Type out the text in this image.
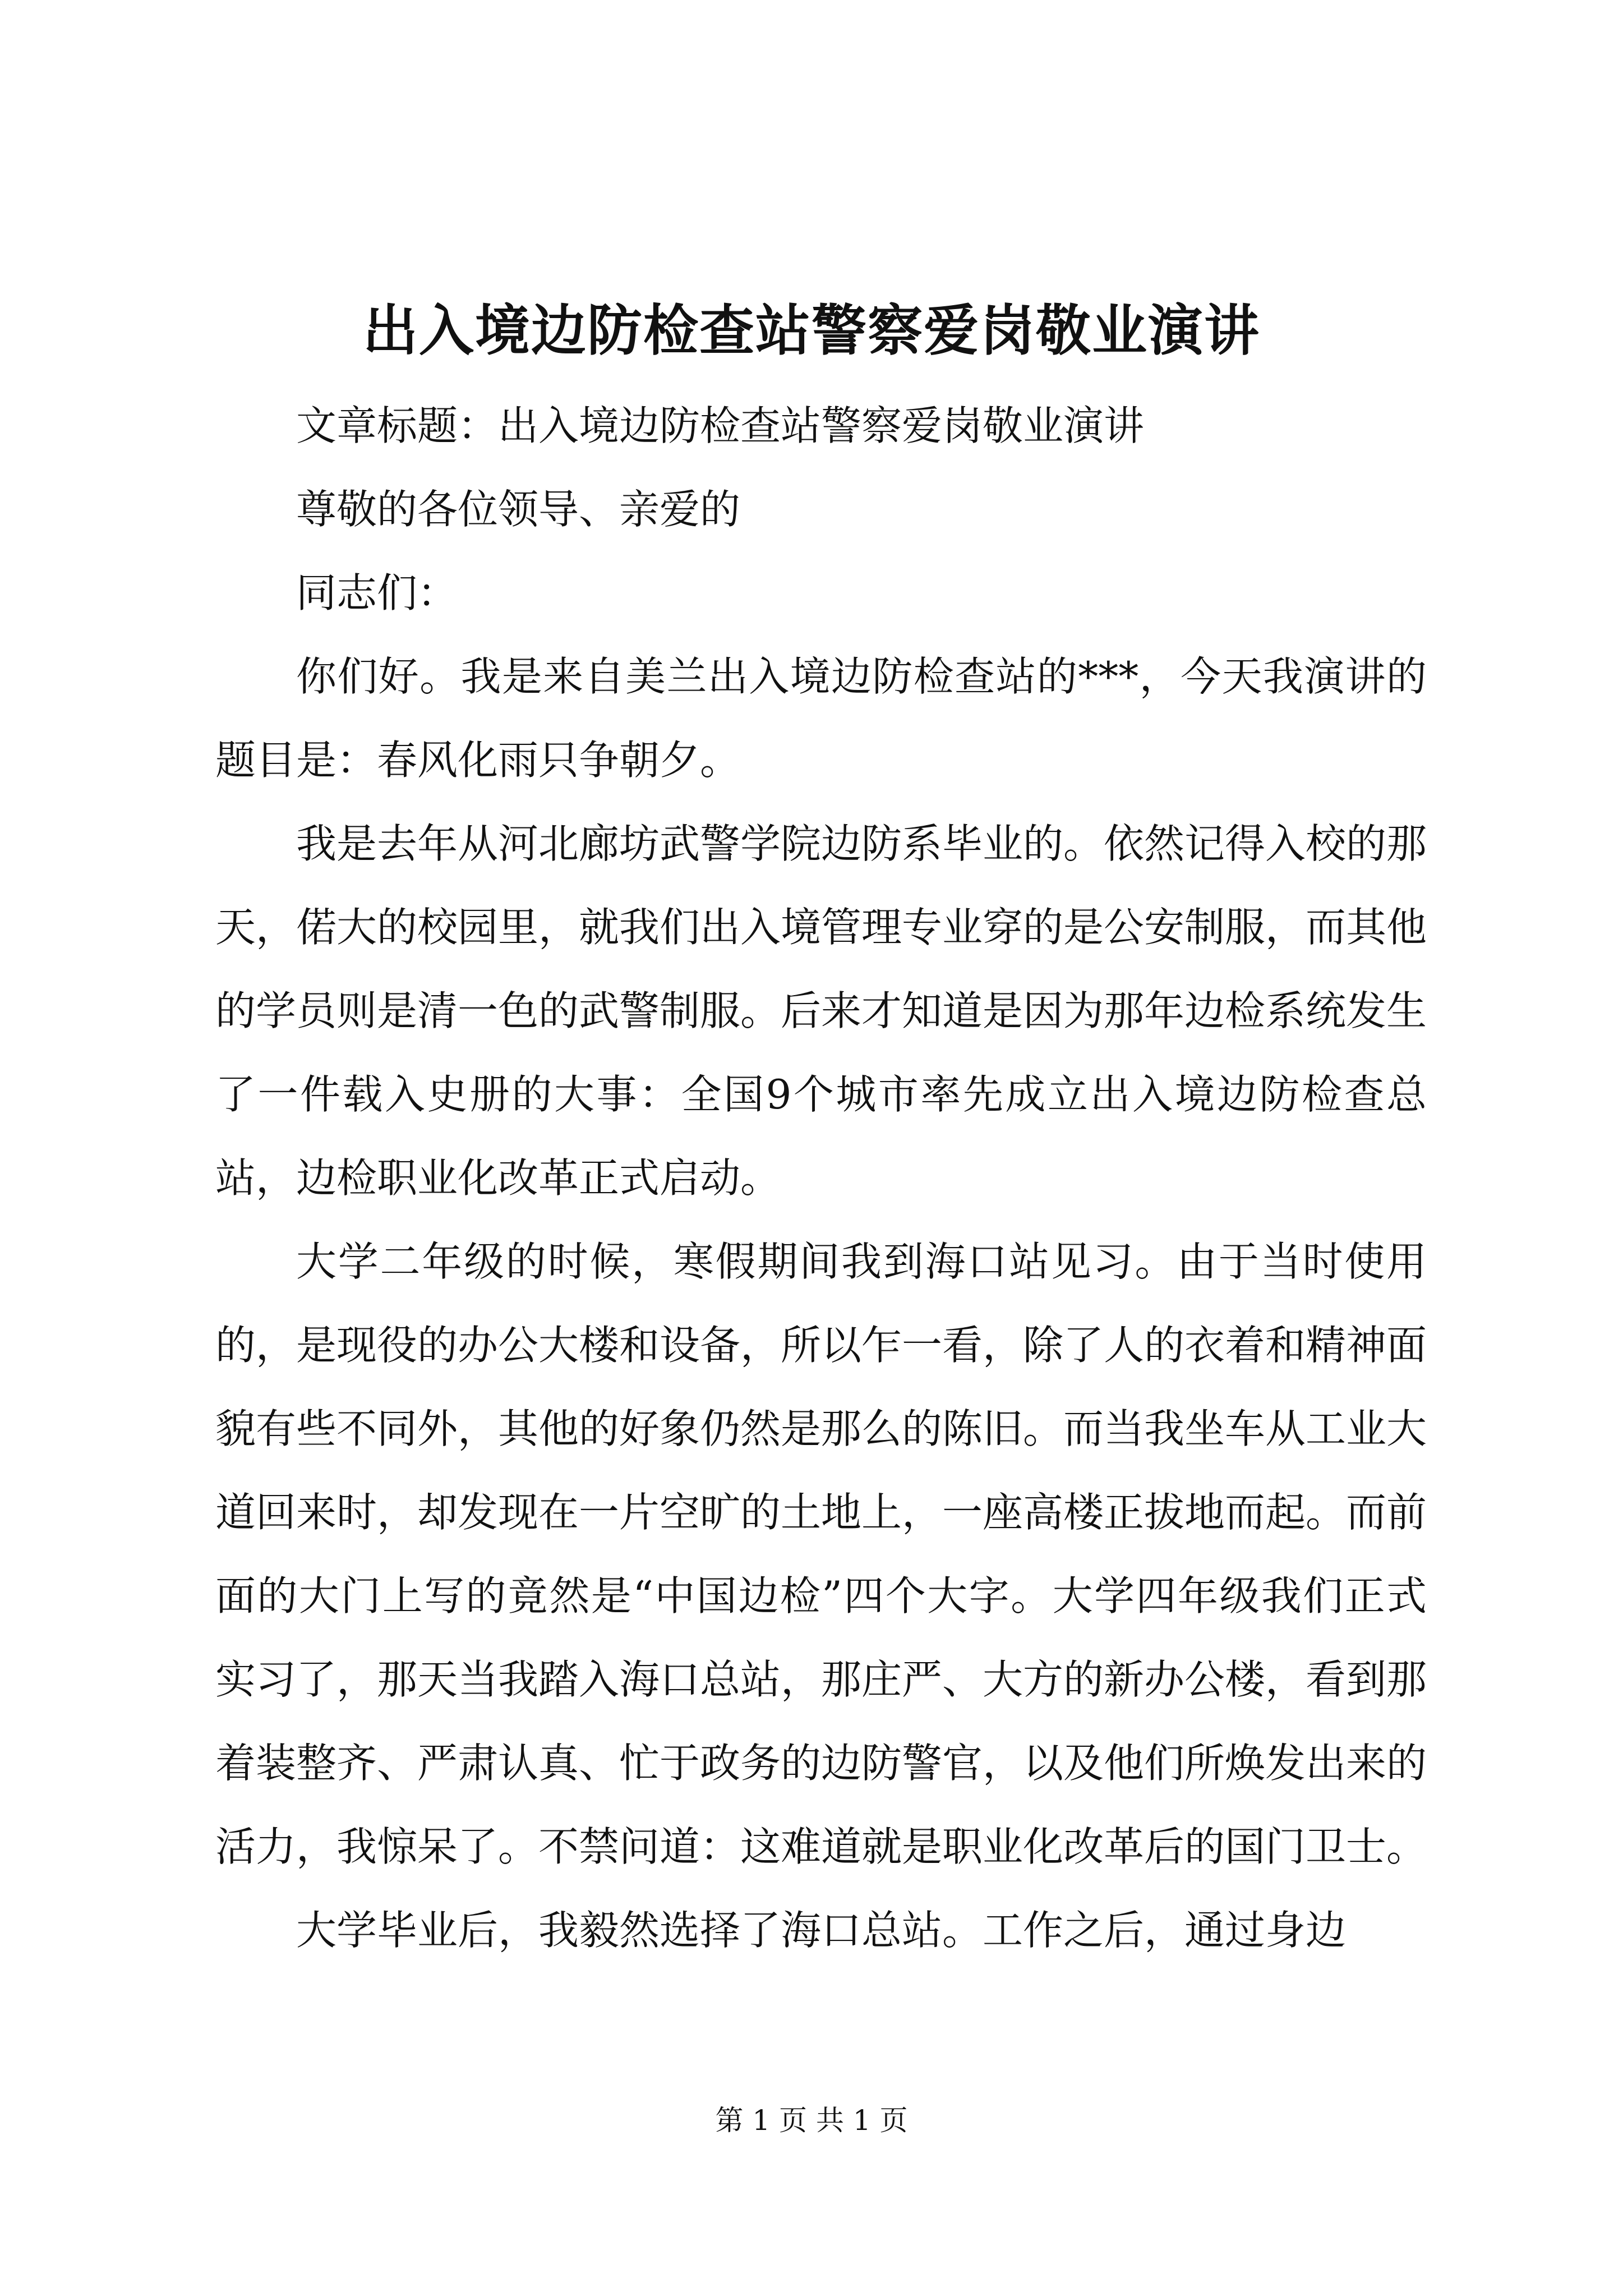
出入境边防检查站警察爱岗敬业演讲

文章标题：出入境边防检查站警察爱岗敬业演讲

尊敬的各位领导、亲爱的

同志们：

你们好。我是来自美兰出入境边防检查站的***，今天我演讲的题目是：春风化雨只争朝夕。

我是去年从河北廊坊武警学院边防系毕业的。依然记得入校的那天，偌大的校园里，就我们出入境管理专业穿的是公安制服，而其他的学员则是清一色的武警制服。后来才知道是因为那年边检系统发生了一件载入史册的大事：全国9个城市率先成立出入境边防检查总站，边检职业化改革正式启动。

大学二年级的时候，寒假期间我到海口站见习。由于当时使用的，是现役的办公大楼和设备，所以乍一看，除了人的衣着和精神面貌有些不同外，其他的好象仍然是那么的陈旧。而当我坐车从工业大道回来时，却发现在一片空旷的土地上，一座高楼正拔地而起。而前面的大门上写的竟然是“中国边检”四个大字。大学四年级我们正式实习了，那天当我踏入海口总站，那庄严、大方的新办公楼，看到那着装整齐、严肃认真、忙于政务的边防警官，以及他们所焕发出来的活力，我惊呆了。不禁问道：这难道就是职业化改革后的国门卫士。

大学毕业后，我毅然选择了海口总站。工作之后，通过身边

第 1 页 共 1 页
